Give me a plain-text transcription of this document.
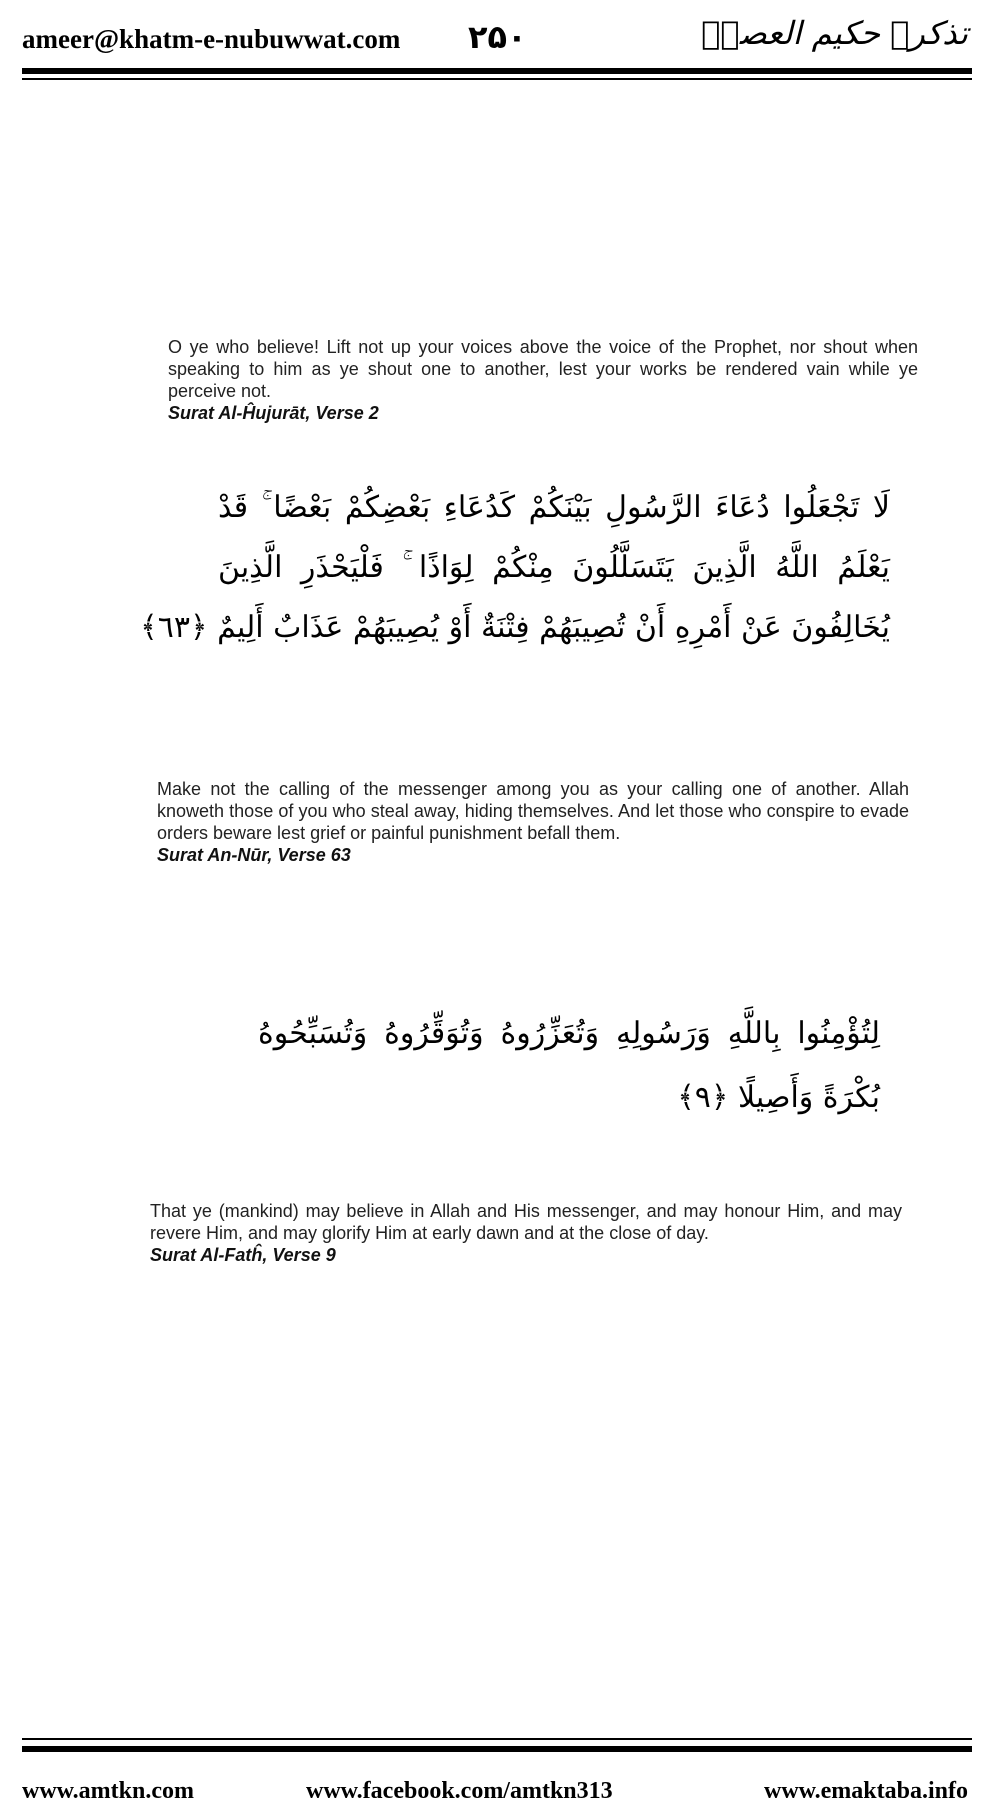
ameer@khatm-e-nubuwwat.com ۲۵۰	تذکرہ حکیم العصرؒ
O ye who believe! Lift not up your voices above the voice of the Prophet, nor shout when speaking to him as ye shout one to another, lest your works be rendered vain while ye perceive not.
Surat Al-Ĥujurāt, Verse 2
لَا تَجْعَلُوا دُعَاءَ الرَّسُولِ بَيْنَكُمْ كَدُعَاءِ بَعْضِكُمْ بَعْضًا ۚ قَدْ
يَعْلَمُ اللَّهُ الَّذِينَ يَتَسَلَّلُونَ مِنْكُمْ لِوَاذًا ۚ فَلْيَحْذَرِ الَّذِينَ
يُخَالِفُونَ عَنْ أَمْرِهِ أَنْ تُصِيبَهُمْ فِتْنَةٌ أَوْ يُصِيبَهُمْ عَذَابٌ أَلِيمٌ ﴿٦٣﴾
Make not the calling of the messenger among you as your calling one of another. Allah knoweth those of you who steal away, hiding themselves. And let those who conspire to evade orders beware lest grief or painful punishment befall them.
Surat An-Nūr, Verse 63
لِتُؤْمِنُوا بِاللَّهِ وَرَسُولِهِ وَتُعَزِّرُوهُ وَتُوَقِّرُوهُ وَتُسَبِّحُوهُ
بُكْرَةً وَأَصِيلًا ﴿٩﴾
That ye (mankind) may believe in Allah and His messenger, and may honour Him, and may revere Him, and may glorify Him at early dawn and at the close of day.
Surat Al-Fatĥ, Verse 9
www.amtkn.com	www.facebook.com/amtkn313	www.emaktaba.info
